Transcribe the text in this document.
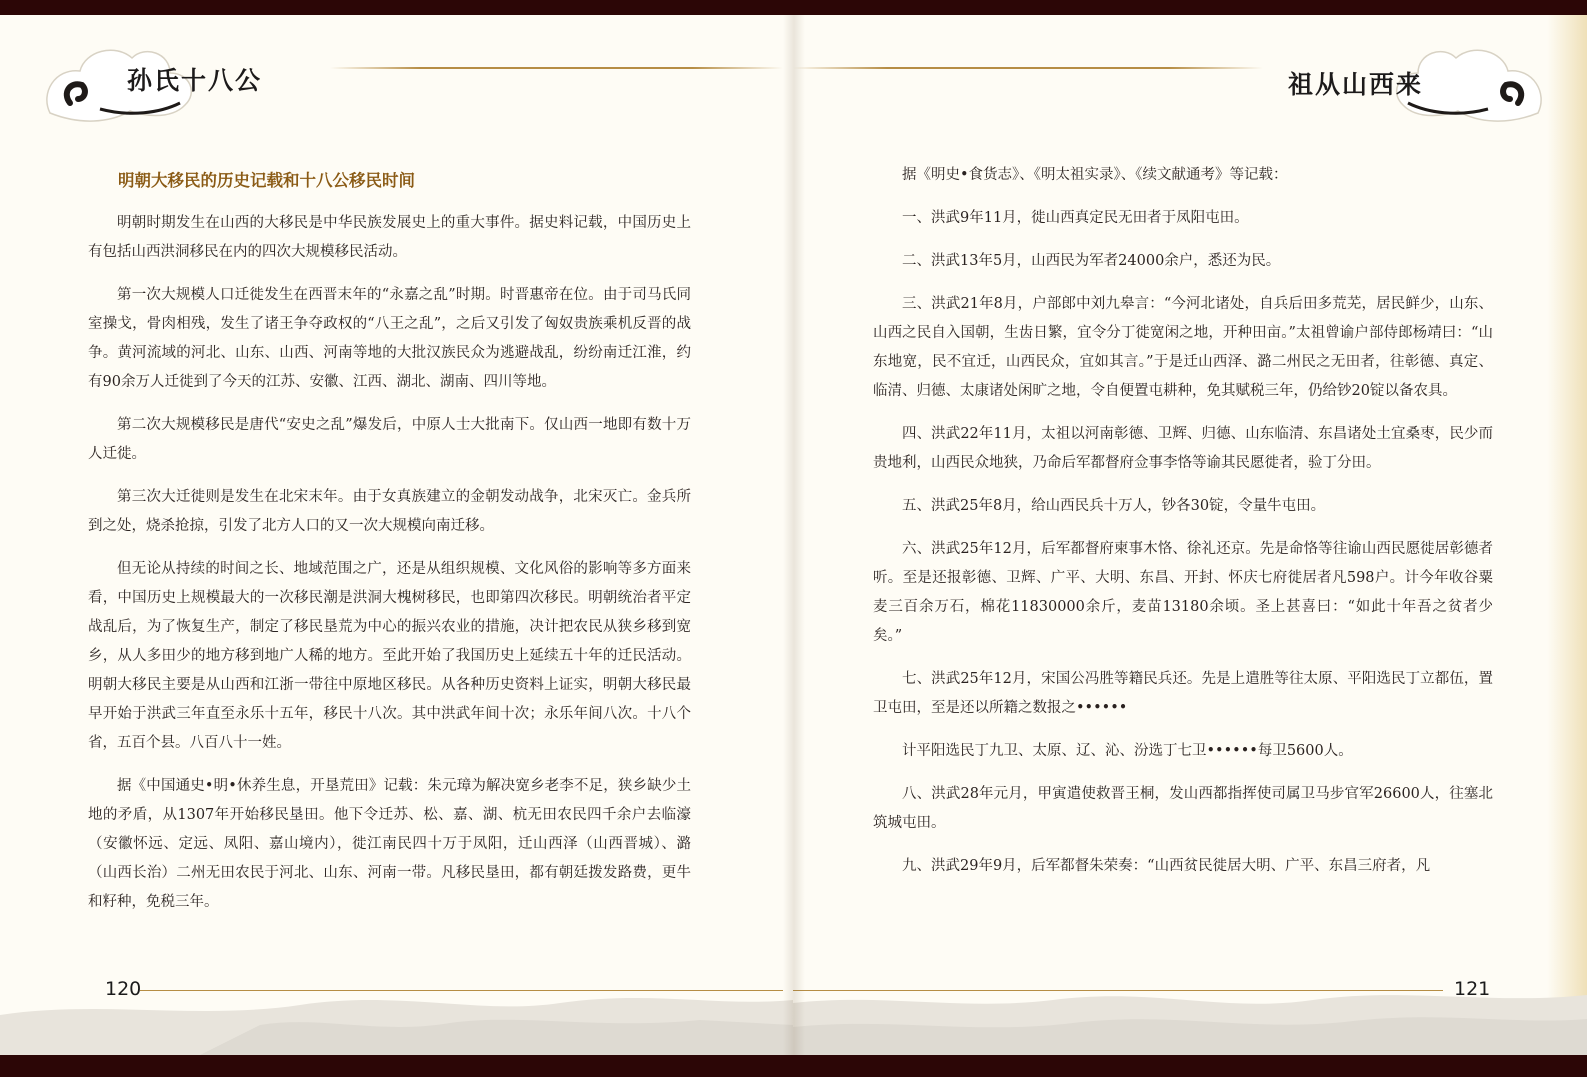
孙氏十八公
明朝大移民的历史记载和十八公移民时间

明朝时期发生在山西的大移民是中华民族发展史上的重大事件。据史料记载，中国历史上有包括山西洪洞移民在内的四次大规模移民活动。

第一次大规模人口迁徙发生在西晋末年的“永嘉之乱”时期。时晋惠帝在位。由于司马氏同室操戈，骨肉相残，发生了诸王争夺政权的“八王之乱”，之后又引发了匈奴贵族乘机反晋的战争。黄河流域的河北、山东、山西、河南等地的大批汉族民众为逃避战乱，纷纷南迁江淮，约有90余万人迁徙到了今天的江苏、安徽、江西、湖北、湖南、四川等地。

第二次大规模移民是唐代“安史之乱”爆发后，中原人士大批南下。仅山西一地即有数十万人迁徙。

第三次大迁徙则是发生在北宋末年。由于女真族建立的金朝发动战争，北宋灭亡。金兵所到之处，烧杀抢掠，引发了北方人口的又一次大规模向南迁移。

但无论从持续的时间之长、地域范围之广，还是从组织规模、文化风俗的影响等多方面来看，中国历史上规模最大的一次移民潮是洪洞大槐树移民，也即第四次移民。明朝统治者平定战乱后，为了恢复生产，制定了移民垦荒为中心的振兴农业的措施，决计把农民从狭乡移到宽乡，从人多田少的地方移到地广人稀的地方。至此开始了我国历史上延续五十年的迁民活动。明朝大移民主要是从山西和江浙一带往中原地区移民。从各种历史资料上证实，明朝大移民最早开始于洪武三年直至永乐十五年，移民十八次。其中洪武年间十次；永乐年间八次。十八个省，五百个县。八百八十一姓。

据《中国通史•明•休养生息，开垦荒田》记载：朱元璋为解决宽乡老李不足，狭乡缺少土地的矛盾，从1307年开始移民垦田。他下令迁苏、松、嘉、湖、杭无田农民四千余户去临濠（安徽怀远、定远、凤阳、嘉山境内），徙江南民四十万于凤阳，迁山西泽（山西晋城）、潞（山西长治）二州无田农民于河北、山东、河南一带。凡移民垦田，都有朝廷拨发路费，更牛和籽种，免税三年。

120
祖从山西来

据《明史•食货志》、《明太祖实录》、《续文献通考》等记载：

一、洪武9年11月，徙山西真定民无田者于凤阳屯田。

二、洪武13年5月，山西民为军者24000余户，悉还为民。

三、洪武21年8月，户部郎中刘九皋言：“今河北诸处，自兵后田多荒芜，居民鲜少，山东、山西之民自入国朝，生齿日繁，宜令分丁徙宽闲之地，开种田亩。”太祖曾谕户部侍郎杨靖曰：“山东地宽，民不宜迁，山西民众，宜如其言。”于是迁山西泽、潞二州民之无田者，往彰德、真定、临清、归德、太康诸处闲旷之地，令自便置屯耕种，免其赋税三年，仍给钞20锭以备农具。

四、洪武22年11月，太祖以河南彰德、卫辉、归德、山东临清、东昌诸处土宜桑枣，民少而贵地利，山西民众地狭，乃命后军都督府佥事李恪等谕其民愿徙者，验丁分田。

五、洪武25年8月，给山西民兵十万人，钞各30锭，令量牛屯田。

六、洪武25年12月，后军都督府柬事木恪、徐礼还京。先是命恪等往谕山西民愿徙居彰德者听。至是还报彰德、卫辉、广平、大明、东昌、开封、怀庆七府徙居者凡598户。计今年收谷粟麦三百余万石，棉花11830000余斤，麦苗13180余顷。圣上甚喜曰：“如此十年吾之贫者少矣。”

七、洪武25年12月，宋国公冯胜等籍民兵还。先是上遣胜等往太原、平阳选民丁立都伍，置卫屯田，至是还以所籍之数报之••••••

计平阳选民丁九卫、太原、辽、沁、汾选丁七卫••••••每卫5600人。

八、洪武28年元月，甲寅遣使救晋王桐，发山西都指挥使司属卫马步官军26600人，往塞北筑城屯田。

九、洪武29年9月，后军都督朱荣奏：“山西贫民徙居大明、广平、东昌三府者，凡

121
